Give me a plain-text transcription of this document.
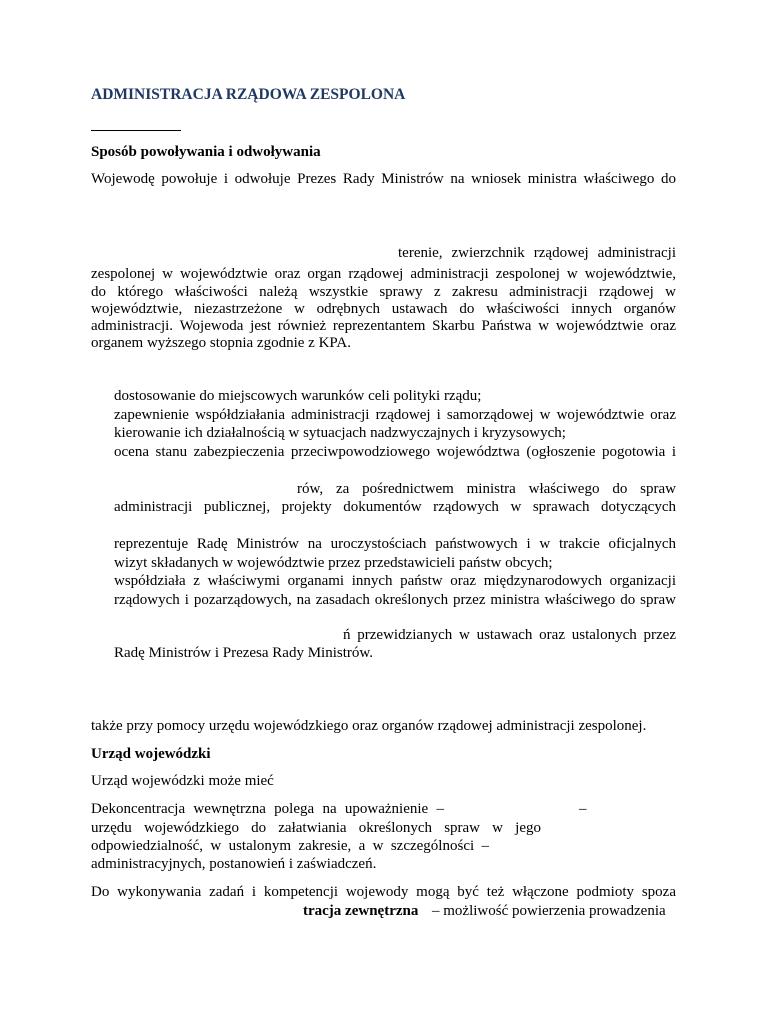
ADMINISTRACJA RZĄDOWA ZESPOLONA
Sposób powoływania i odwoływania
Wojewodę powołuje i odwołuje Prezes Rady Ministrów na wniosek ministra właściwego do
terenie, zwierzchnik rządowej administracji
zespolonej w województwie oraz organ rządowej administracji zespolonej w województwie,
do którego właściwości należą wszystkie sprawy z zakresu administracji rządowej w
województwie, niezastrzeżone w odrębnych ustawach do właściwości innych organów
administracji. Wojewoda jest również reprezentantem Skarbu Państwa w województwie oraz
organem wyższego stopnia zgodnie z KPA.
dostosowanie do miejscowych warunków celi polityki rządu;
zapewnienie współdziałania administracji rządowej i samorządowej w województwie oraz
kierowanie ich działalnością w sytuacjach nadzwyczajnych i kryzysowych;
ocena stanu zabezpieczenia przeciwpowodziowego województwa (ogłoszenie pogotowia i
rów, za pośrednictwem ministra właściwego do spraw
administracji publicznej, projekty dokumentów rządowych w sprawach dotyczących
reprezentuje Radę Ministrów na uroczystościach państwowych i w trakcie oficjalnych
wizyt składanych w województwie przez przedstawicieli państw obcych;
współdziała z właściwymi organami innych państw oraz międzynarodowych organizacji
rządowych i pozarządowych, na zasadach określonych przez ministra właściwego do spraw
ń przewidzianych w ustawach oraz ustalonych przez
Radę Ministrów i Prezesa Rady Ministrów.
także przy pomocy urzędu wojewódzkiego oraz organów rządowej administracji zespolonej.
Urząd wojewódzki
Urząd wojewódzki może mieć
Dekoncentracja wewnętrzna polega na upoważnienie –	–
urzędu wojewódzkiego do załatwiania określonych spraw w jego
odpowiedzialność, w ustalonym zakresie, a w szczególności –
administracyjnych, postanowień i zaświadczeń.
Do wykonywania zadań i kompetencji wojewody mogą być też włączone podmioty spoza
tracja zewnętrzna – możliwość powierzenia prowadzenia
